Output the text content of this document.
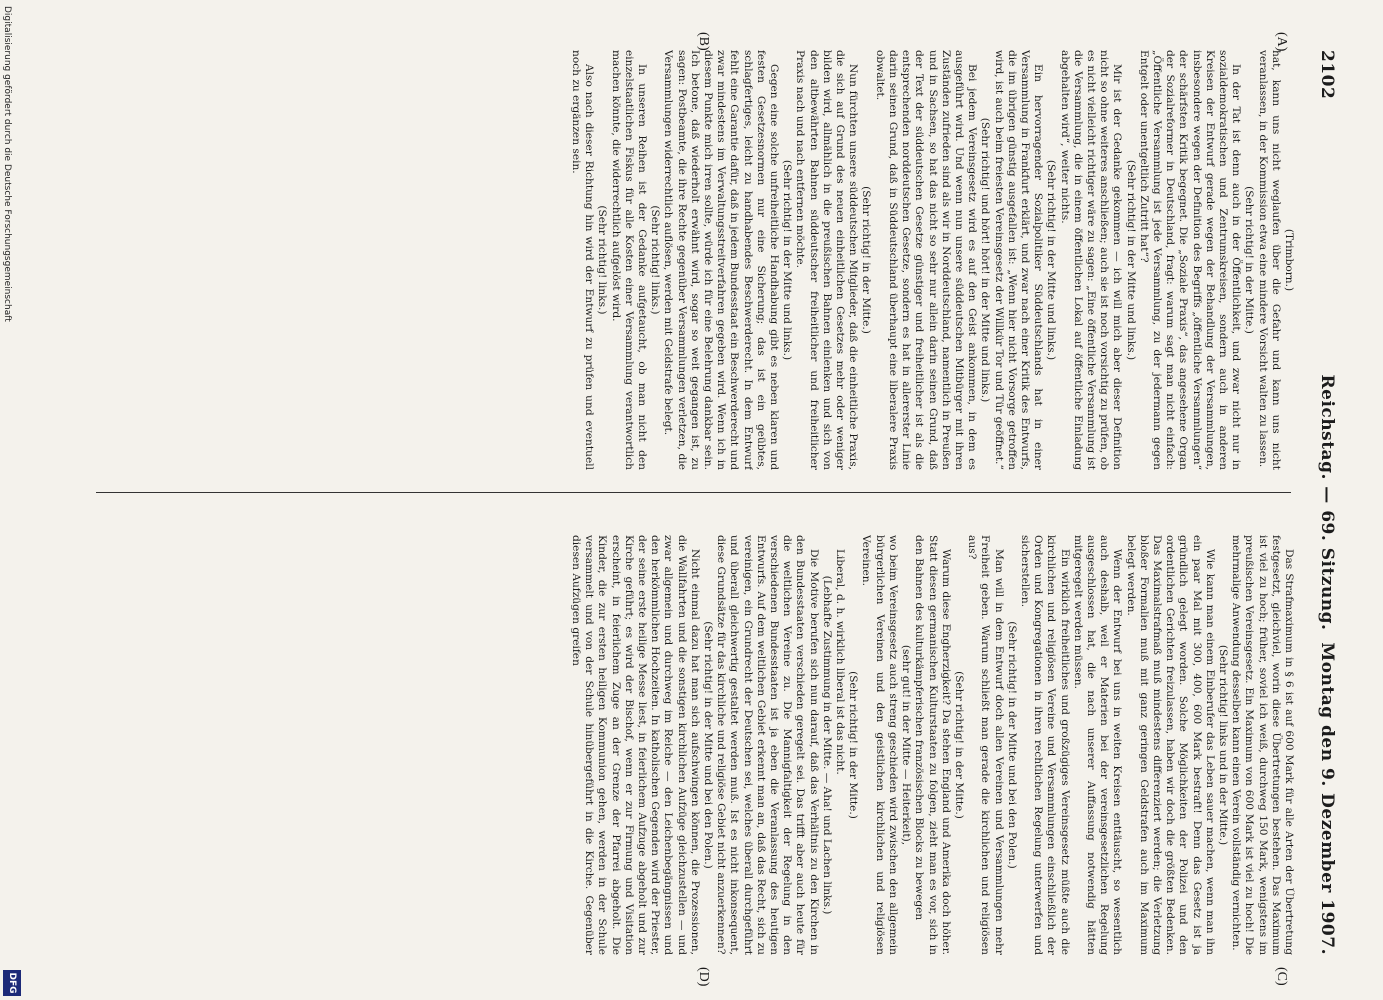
2102
Reichstag. — 69. Sitzung.
Montag den 9. Dezember 1907.
(A)
(B)
(C)
(D)

(Trimborn.)

hat, kann uns nicht weglaufen über die Gefahr und kann uns nicht veranlassen, in der Kommission etwa eine mindere Vorsicht walten zu lassen.

(Sehr richtig! in der Mitte.)

In der Tat ist denn auch in der Öffentlichkeit, und zwar nicht nur in sozialdemokratischen und Zentrumskreisen, sondern auch in anderen Kreisen der Entwurf gerade wegen der Behandlung der Versammlungen, insbesondere wegen der Definition des Begriffs „öffentliche Versammlungen“ der schärfsten Kritik begegnet. Die „Soziale Praxis“, das angesehene Organ der Sozialreformer in Deutschland, fragt: warum sagt man nicht einfach: „Öffentliche Versammlung ist jede Versammlung, zu der jedermann gegen Entgelt oder unentgeltlich Zutritt hat“?

(Sehr richtig! in der Mitte und links.)

Mir ist der Gedanke gekommen — ich will mich aber dieser Definition nicht so ohne weiteres anschließen; auch sie ist noch vorsichtig zu prüfen, ob es nicht vielleicht richtiger wäre zu sagen: „Eine öffentliche Versammlung ist die Versammlung, die in einem öffentlichen Lokal auf öffentliche Einladung abgehalten wird“, weiter nichts.

(Sehr richtig! in der Mitte und links.)

Ein hervorragender Sozialpolitiker Süddeutschlands hat in einer Versammlung in Frankfurt erklärt, und zwar nach einer Kritik des Entwurfs, die im übrigen günstig ausgefallen ist: „Wenn hier nicht Vorsorge getroffen wird, ist auch beim freiesten Vereinsgesetz der Willkür Tor und Tür geöffnet.“

(Sehr richtig! und hört! hört! in der Mitte und links.)

Bei jedem Vereinsgesetz wird es auf den Geist ankommen, in dem es ausgeführt wird. Und wenn nun unsere süddeutschen Mitbürger mit ihren Zuständen zufrieden sind als wir in Norddeutschland, namentlich in Preußen und in Sachsen, so hat das nicht so sehr nur allein darin seinen Grund, daß der Text der süddeutschen Gesetze günstiger und freiheitlicher ist als die entsprechenden norddeutschen Gesetze, sondern es hat in allererster Linie darin seinen Grund, daß in Süddeutschland überhaupt eine liberalere Praxis obwaltet.

(Sehr richtig! in der Mitte.)

Nun fürchten unsere süddeutschen Mitglieder, daß die einheitliche Praxis, die sich auf Grund des neuen einheitlichen Gesetzes mehr oder weniger bilden wird, allmählich in die preußischen Bahnen einlenken und sich von den altbewährten Bahnen süddeutscher freiheitlicher und freiheitlicher Praxis nach und nach entfernen möchte.

(Sehr richtig! in der Mitte und links.)

Gegen eine solche unfreiheitliche Handhabung gibt es neben klaren und festen Gesetzesnormen nur eine Sicherung; das ist ein geübtes, schlagfertiges, leicht zu handhabendes Beschwerderecht. In dem Entwurf fehlt eine Garantie dafür, daß in jedem Bundesstaat ein Beschwerderecht und zwar mindestens im Verwaltungsstreitverfahren gegeben wird. Wenn ich in diesem Punkte mich irren sollte, würde ich für eine Belehrung dankbar sein. Ich betone, daß wiederholt erwähnt wird, sogar so weit gegangen ist, zu sagen: Postbeamte, die ihre Rechte gegenüber Versammlungen verletzen, die Versammlungen widerrechtlich auflösen, werden mit Geldstrafe belegt.

(Sehr richtig! links.)

In unseren Reihen ist der Gedanke aufgetaucht, ob man nicht den einzelstaatlichen Fiskus für alle Kosten einer Versammlung verantwortlich machen könnte, die widerrechtlich aufgelöst wird.

(Sehr richtig! links.)

Also nach dieser Richtung hin wird der Entwurf zu prüfen und eventuell noch zu ergänzen sein.

Das Strafmaximum in § 6 ist auf 600 Mark für alle Arten der Übertretung festgesetzt, gleichviel, worin diese Übertretungen bestehen. Das Maximum ist viel zu hoch; früher, soviel ich weiß, durchweg 150 Mark, wenigstens im preußischen Vereinsgesetz. Ein Maximum von 600 Mark ist viel zu hoch! Die mehrmalige Anwendung desselben kann einen Verein vollständig vernichten.

(Sehr richtig! links und in der Mitte.)

Wie kann man einem Einberufer das Leben sauer machen, wenn man ihn ein paar Mal mit 300, 400, 600 Mark bestraft! Denn das Gesetz ist ja gründlich gelegt worden. Solche Möglichkeiten der Polizei und den ordentlichen Gerichten freizulassen, haben wir doch die größten Bedenken. Das Maximalstrafmaß muß mindestens differenziert werden; die Verletzung bloßer Formalien muß mit ganz geringen Geldstrafen auch im Maximum belegt werden.

Wenn der Entwurf bei uns in weiten Kreisen enttäuscht, so wesentlich auch deshalb, weil er Materien bei der vereinsgesetzlichen Regelung ausgeschlossen hat, die nach unserer Auffassung notwendig hätten mitgeregelt werden müssen.

Ein wirklich freiheitliches und großzügiges Vereinsgesetz müßte auch die kirchlichen und religiösen Vereine und Versammlungen einschließlich der Orden und Kongregationen in ihren rechtlichen Regelung unterwerfen und sicherstellen.

(Sehr richtig! in der Mitte und bei den Polen.)

Man will in dem Entwurf doch allen Vereinen und Versammlungen mehr Freiheit geben. Warum schließt man gerade die kirchlichen und religiösen aus?

(Sehr richtig! in der Mitte.)

Warum diese Engherzigkeit? Da stehen England und Amerika doch höher. Statt diesen germanischen Kulturstaaten zu folgen, zieht man es vor, sich in den Bahnen des kulturkämpferischen französischen Blocks zu bewegen

(sehr gut! in der Mitte — Heiterkeit),

wo beim Vereinsgesetz auch streng geschieden wird zwischen den allgemein bürgerlichen Vereinen und den geistlichen kirchlichen und religiösen Vereinen.

(Sehr richtig! in der Mitte.)

Liberal, d. h. wirklich liberal ist das nicht.

(Lebhafte Zustimmung in der Mitte. — Aha! und Lachen links.)

Die Motive berufen sich nun darauf, daß das Verhältnis zu den Kirchen in den Bundesstaaten verschieden geregelt sei. Das trifft aber auch heute für die weltlichen Vereine zu. Die Mannigfaltigkeit der Regelung in den verschiedenen Bundesstaaten ist ja eben die Veranlassung des heutigen Entwurfs. Auf dem weltlichen Gebiet erkennt man an, daß das Recht, sich zu vereinigen, ein Grundrecht der Deutschen sei, welches überall durchgeführt und überall gleichwertig gestaltet werden muß. Ist es nicht inkonsequent, diese Grundsätze für das kirchliche und religiöse Gebiet nicht anzuerkennen?

(Sehr richtig! in der Mitte und bei den Polen.)

Nicht einmal dazu hat man sich aufschwingen können, die Prozessionen, die Wallfahrten und die sonstigen kirchlichen Aufzüge gleichzustellen — und zwar allgemein und durchweg im Reiche — den Leichenbegängnissen und den herkömmlichen Hochzeiten. In katholischen Gegenden wird der Priester, der seine erste heilige Messe liest, in feierlichem Aufzuge abgeholt und zur Kirche geführt; es wird der Bischof, wenn er zur Firmung und Visitation erscheint, in feierlichem Zuge an der Grenze der Pfarrei abgeholt. Die Kinder, die zur ersten heiligen Kommunion gehen, werden in der Schule versammelt und von der Schule hinübergeführt in die Kirche. Gegenüber diesen Aufzügen greifen

Digitalisierung gefördert durch die Deutsche Forschungsgemeinschaft
DFG
